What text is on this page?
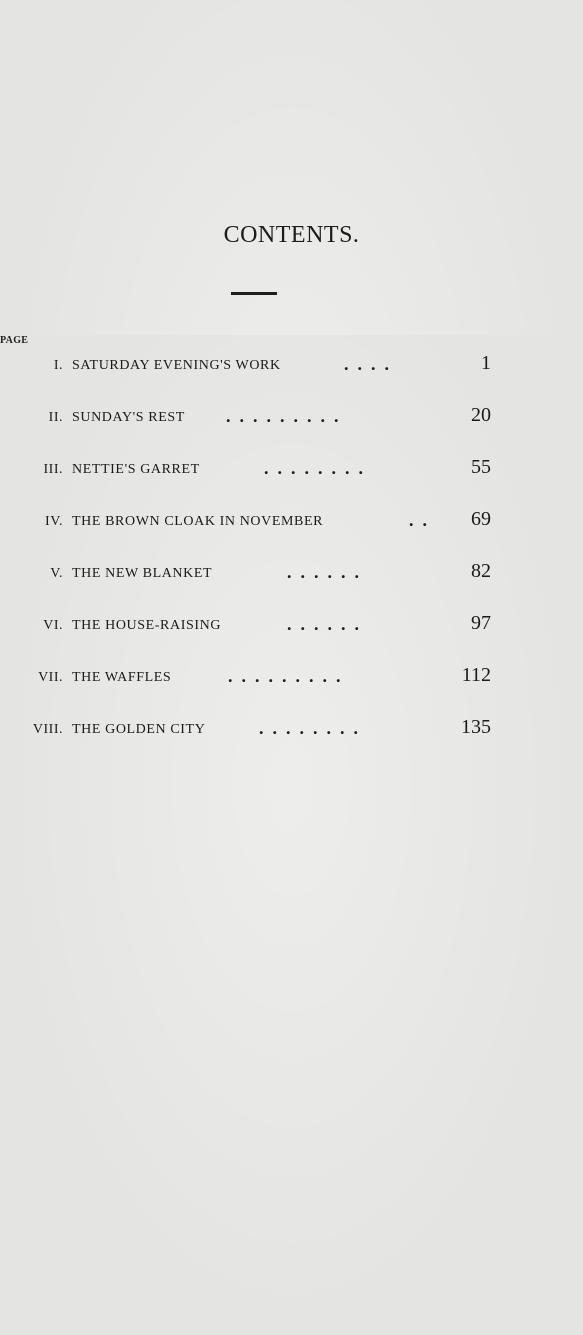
CONTENTS.
PAGE
I. SATURDAY EVENING'S WORK	....	1
II. SUNDAY'S REST .........	20
III. NETTIE'S GARRET	........	55
IV. THE BROWN CLOAK IN NOVEMBER	.. 69
V. THE NEW BLANKET	......	82
VI. THE HOUSE-RAISING	......	97
VII. THE WAFFLES	.........	112
VIII. THE GOLDEN CITY	........	135
